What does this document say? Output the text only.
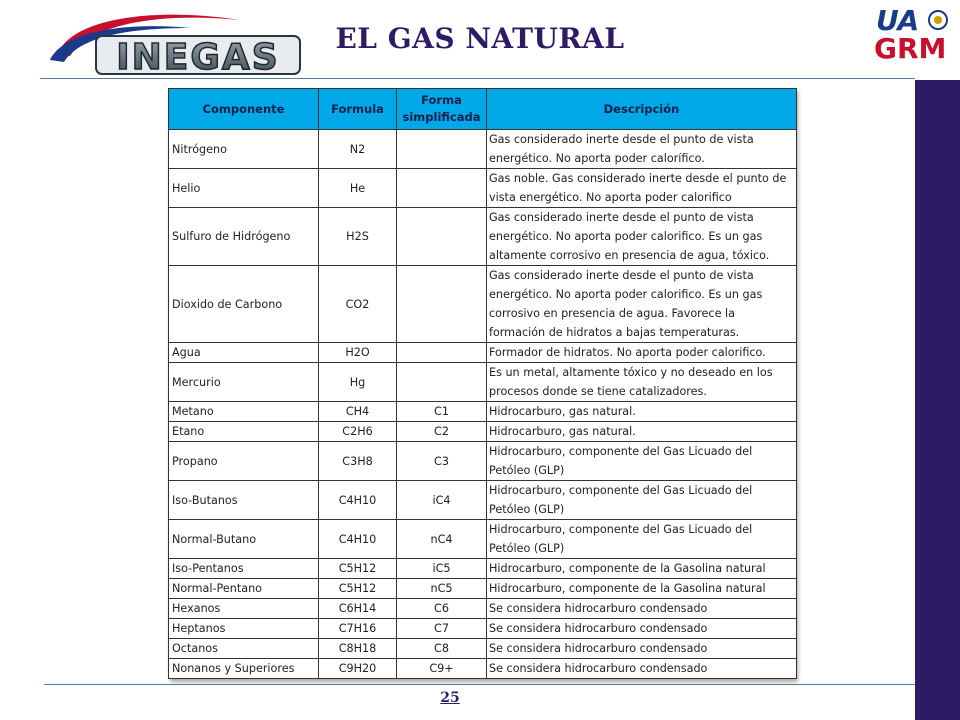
INEGAS	EL GAS NATURAL
UA
GRM
Componente	Formula	Forma simplificada	Descripción
Nitrógeno	N2		Gas considerado inerte desde el punto de vista energético. No aporta poder calorífico.
Helio	He		Gas noble. Gas considerado inerte desde el punto de vista energético. No aporta poder calorifico
Sulfuro de Hidrógeno	H2S		Gas considerado inerte desde el punto de vista energético. No aporta poder calorifico. Es un gas altamente corrosivo en presencia de agua, tóxico.
Dioxido de Carbono	CO2		Gas considerado inerte desde el punto de vista energético. No aporta poder calorifico. Es un gas corrosivo en presencia de agua. Favorece la formación de hidratos a bajas temperaturas.
Agua	H2O		Formador de hidratos. No aporta poder calorifico.
Mercurio	Hg		Es un metal, altamente tóxico y no deseado en los procesos donde se tiene catalizadores.
Metano	CH4	C1	Hidrocarburo, gas natural.
Etano	C2H6	C2	Hidrocarburo, gas natural.
Propano	C3H8	C3	Hidrocarburo, componente del Gas Licuado del Petóleo (GLP)
Iso-Butanos	C4H10	iC4	Hidrocarburo, componente del Gas Licuado del Petóleo (GLP)
Normal-Butano	C4H10	nC4	Hidrocarburo, componente del Gas Licuado del Petóleo (GLP)
Iso-Pentanos	C5H12	iC5	Hidrocarburo, componente de la Gasolina natural
Normal-Pentano	C5H12	nC5	Hidrocarburo, componente de la Gasolina natural
Hexanos	C6H14	C6	Se considera hidrocarburo condensado
Heptanos	C7H16	C7	Se considera hidrocarburo condensado
Octanos	C8H18	C8	Se considera hidrocarburo condensado
Nonanos y Superiores	C9H20	C9+	Se considera hidrocarburo condensado
25
